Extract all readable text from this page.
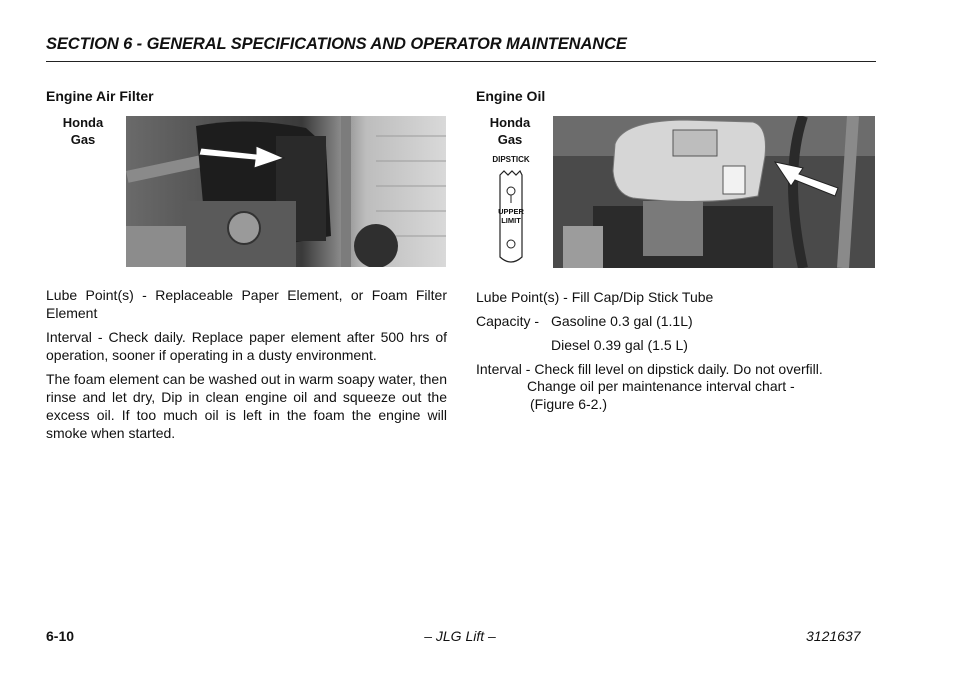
SECTION 6 - GENERAL SPECIFICATIONS AND OPERATOR MAINTENANCE
Engine Air Filter
Honda
Gas
Lube Point(s) - Replaceable Paper Element, or Foam Filter Element
Interval - Check daily. Replace paper element after 500 hrs of operation, sooner if operating in a dusty environment.
The foam element can be washed out in warm soapy water, then rinse and let dry, Dip in clean engine oil and squeeze out the excess oil. If too much oil is left in the foam the engine will smoke when started.
Engine Oil
Honda
Gas
DIPSTICK
UPPER
LIMIT
Lube Point(s) - Fill Cap/Dip Stick Tube
Capacity - Gasoline 0.3 gal (1.1L)
Diesel 0.39 gal (1.5 L)
Interval - Check fill level on dipstick daily. Do not overfill.
Change oil per maintenance interval chart -
(Figure 6-2.)
6-10	– JLG Lift –	3121637
